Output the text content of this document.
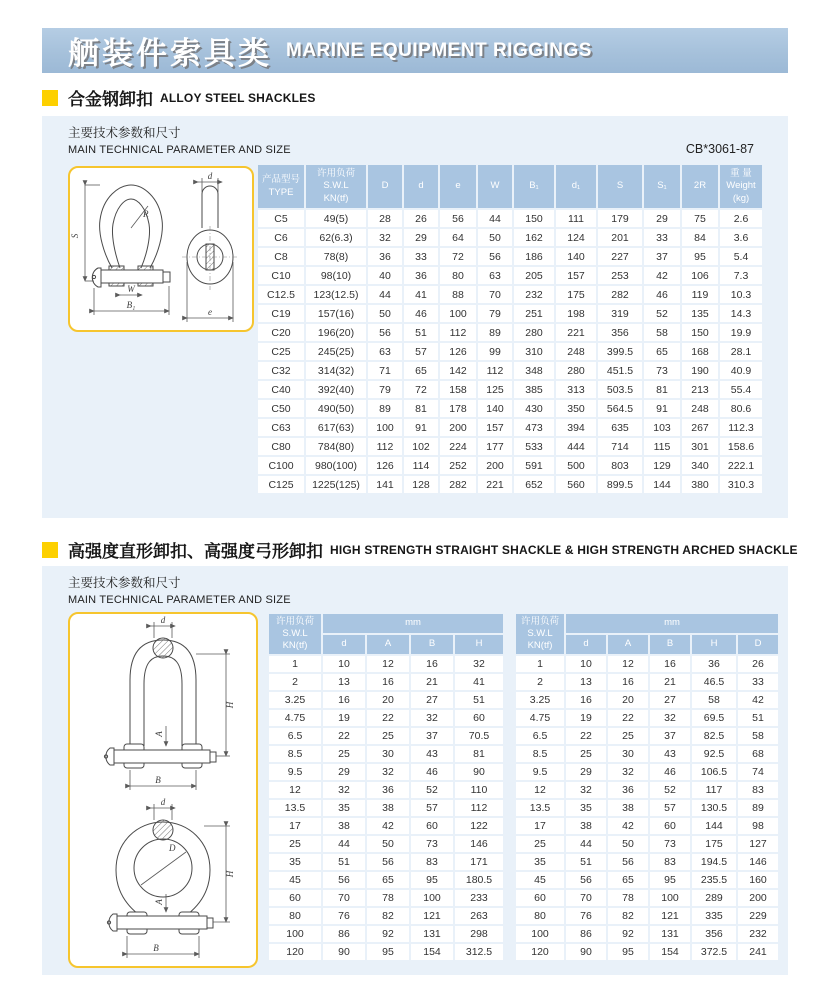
舾装件索具类 MARINE EQUIPMENT RIGGINGS
合金钢卸扣 ALLOY STEEL SHACKLES
主要技术参数和尺寸
MAIN TECHNICAL PARAMETER AND SIZE	CB*3061-87
S
R
W
B₁
d
e
产品型号
TYPE	许用负荷
S.W.L
KN(tf)	D	d	e	W	B₁	d₁	S	S₁	2R	重 量
Weight
(kg)
C5	49(5)	28	26	56	44	150	111	179	29	75	2.6
C6	62(6.3)	32	29	64	50	162	124	201	33	84	3.6
C8	78(8)	36	33	72	56	186	140	227	37	95	5.4
C10	98(10)	40	36	80	63	205	157	253	42	106	7.3
C12.5	123(12.5)	44	41	88	70	232	175	282	46	119	10.3
C19	157(16)	50	46	100	79	251	198	319	52	135	14.3
C20	196(20)	56	51	112	89	280	221	356	58	150	19.9
C25	245(25)	63	57	126	99	310	248	399.5	65	168	28.1
C32	314(32)	71	65	142	112	348	280	451.5	73	190	40.9
C40	392(40)	79	72	158	125	385	313	503.5	81	213	55.4
C50	490(50)	89	81	178	140	430	350	564.5	91	248	80.6
C63	617(63)	100	91	200	157	473	394	635	103	267	112.3
C80	784(80)	112	102	224	177	533	444	714	115	301	158.6
C100	980(100)	126	114	252	200	591	500	803	129	340	222.1
C125	1225(125)	141	128	282	221	652	560	899.5	144	380	310.3
高强度直形卸扣、高强度弓形卸扣 HIGH STRENGTH STRAIGHT SHACKLE & HIGH STRENGTH ARCHED SHACKLE
主要技术参数和尺寸
MAIN TECHNICAL PARAMETER AND SIZE
d
H
A
B
d
D
H
A
B
许用负荷
S.W.L
KN(tf)	mm			
	d	A	B	H
1	10	12	16	32
2	13	16	21	41
3.25	16	20	27	51
4.75	19	22	32	60
6.5	22	25	37	70.5
8.5	25	30	43	81
9.5	29	32	46	90
12	32	36	52	110
13.5	35	38	57	112
17	38	42	60	122
25	44	50	73	146
35	51	56	83	171
45	56	65	95	180.5
60	70	78	100	233
80	76	82	121	263
100	86	92	131	298
120	90	95	154	312.5
许用负荷
S.W.L
KN(tf)	mm				
	d	A	B	H	D
1	10	12	16	36	26
2	13	16	21	46.5	33
3.25	16	20	27	58	42
4.75	19	22	32	69.5	51
6.5	22	25	37	82.5	58
8.5	25	30	43	92.5	68
9.5	29	32	46	106.5	74
12	32	36	52	117	83
13.5	35	38	57	130.5	89
17	38	42	60	144	98
25	44	50	73	175	127
35	51	56	83	194.5	146
45	56	65	95	235.5	160
60	70	78	100	289	200
80	76	82	121	335	229
100	86	92	131	356	232
120	90	95	154	372.5	241
